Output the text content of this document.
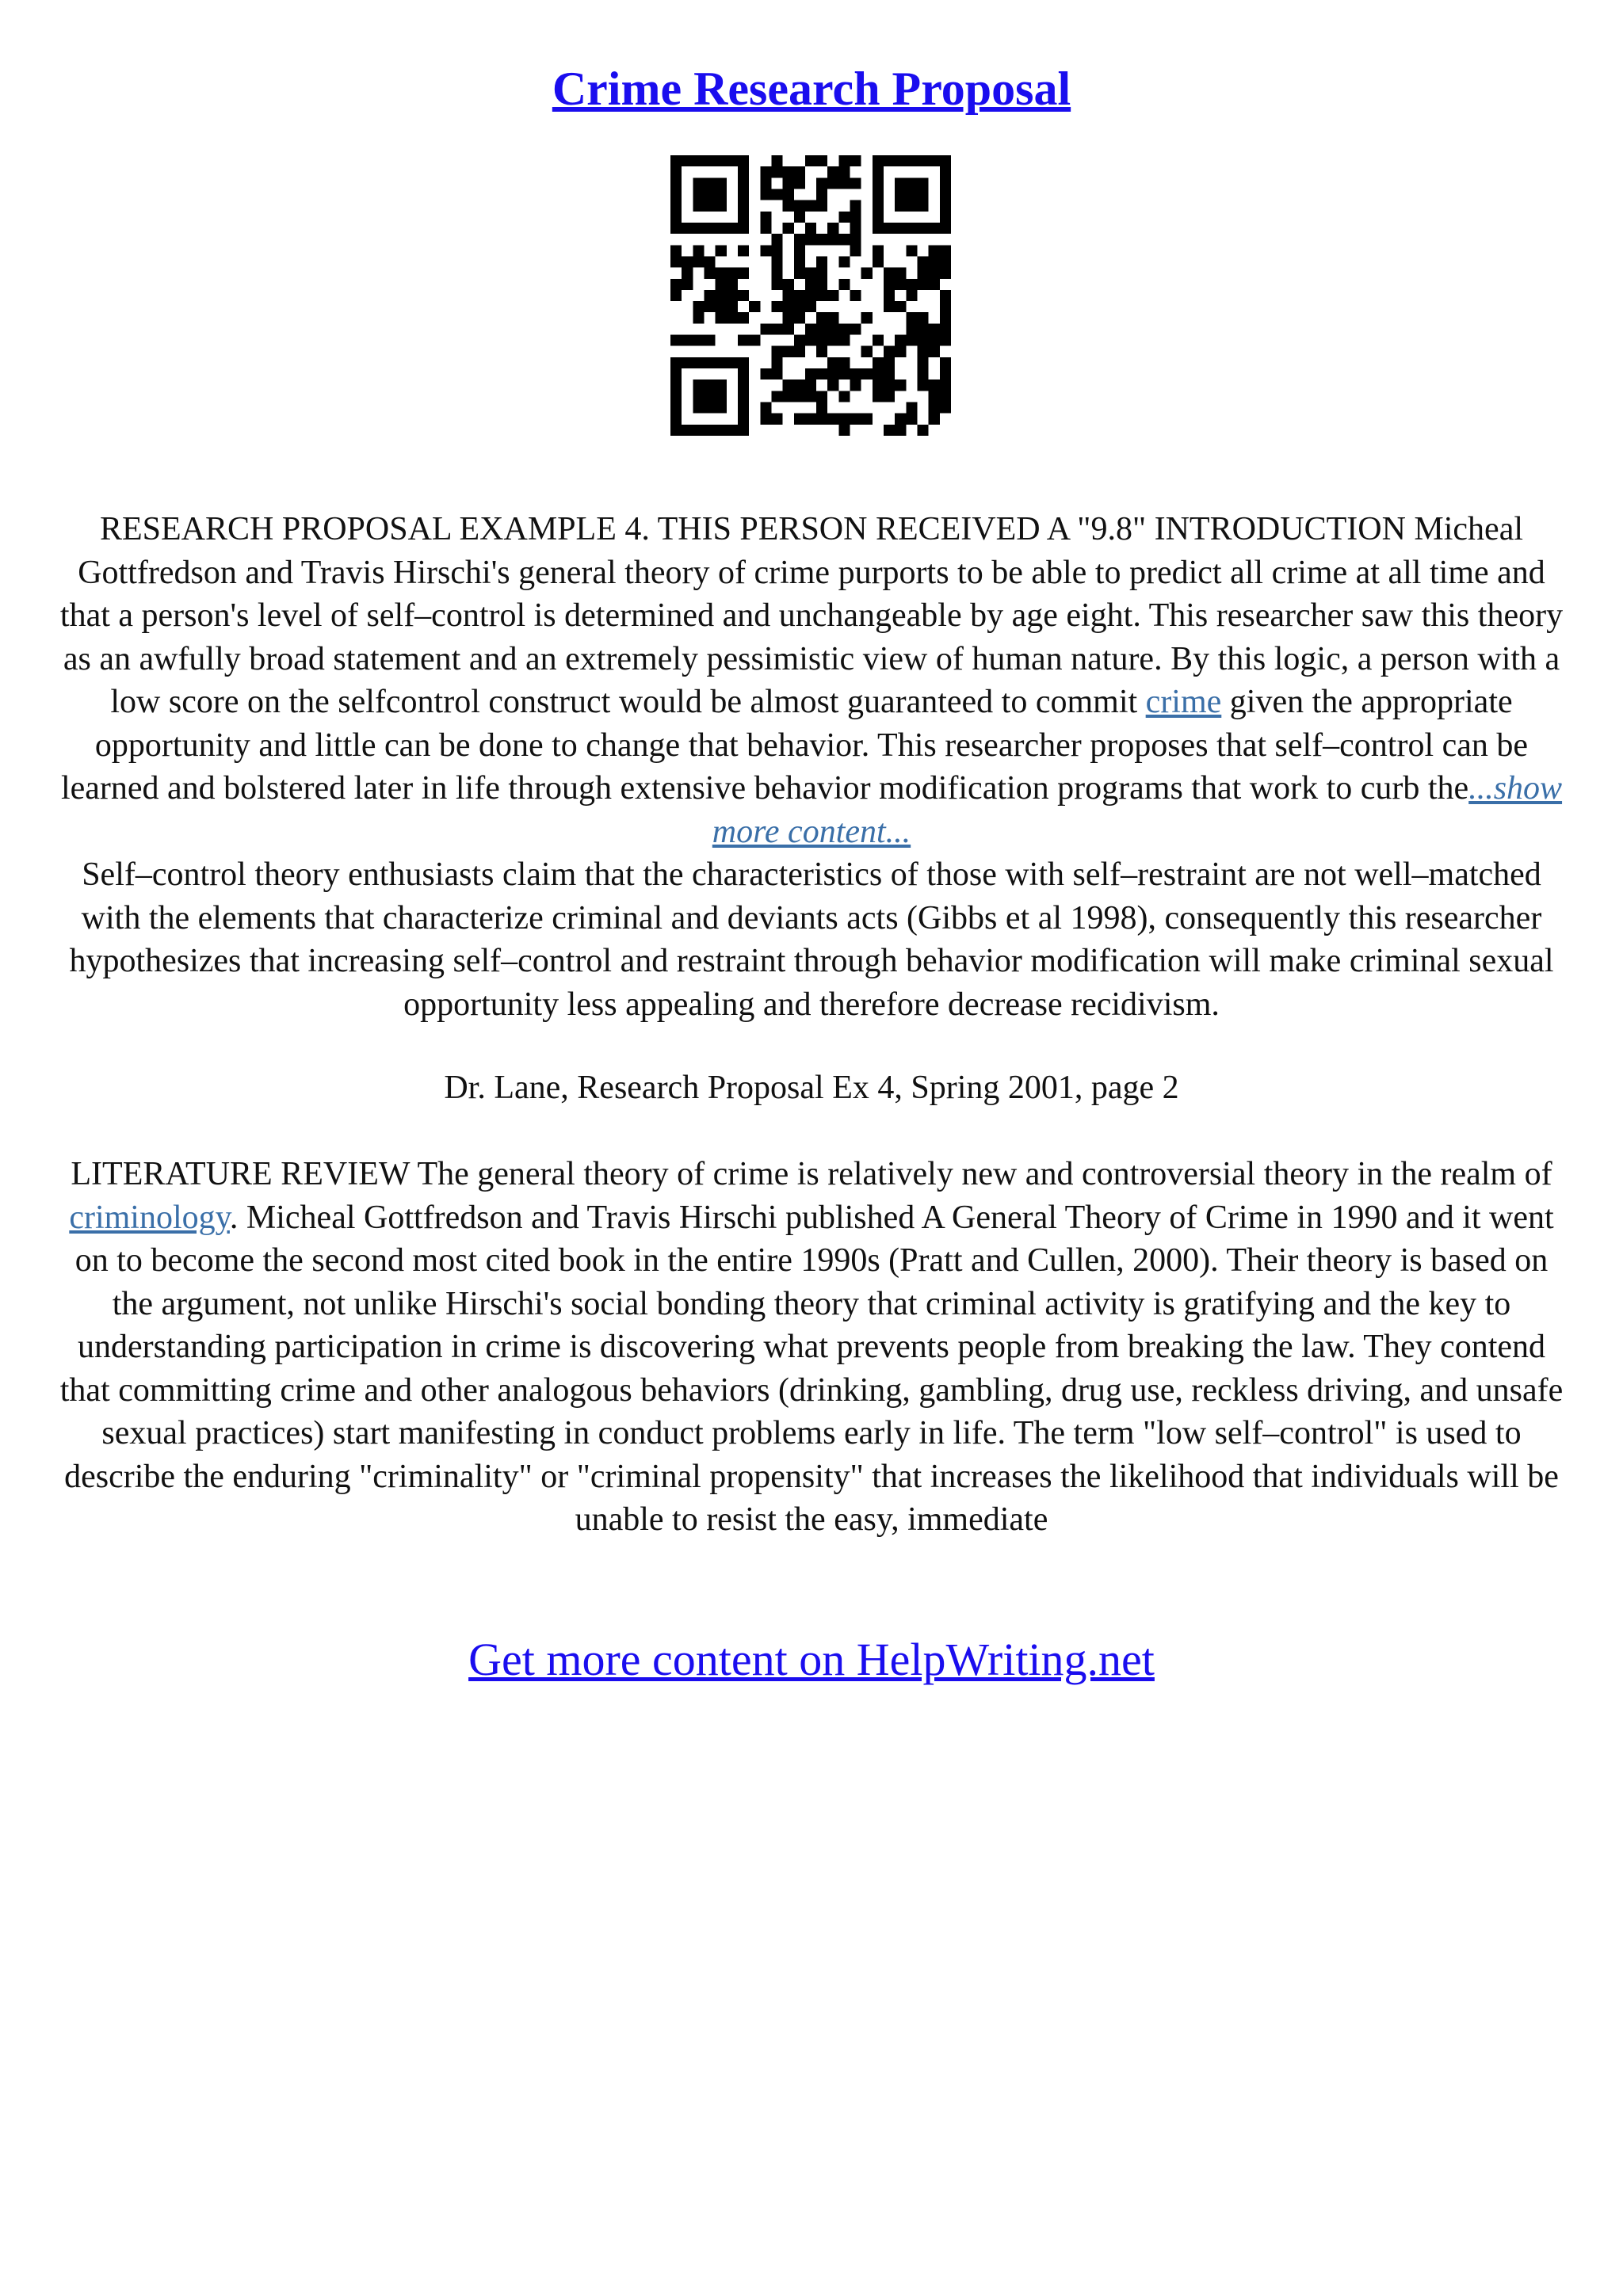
Crime Research Proposal
RESEARCH PROPOSAL EXAMPLE 4. THIS PERSON RECEIVED A "9.8" INTRODUCTION Micheal Gottfredson and Travis Hirschi's general theory of crime purports to be able to predict all crime at all time and that a person's level of self–control is determined and unchangeable by age eight. This researcher saw this theory as an awfully broad statement and an extremely pessimistic view of human nature. By this logic, a person with a low score on the selfcontrol construct would be almost guaranteed to commit crime given the appropriate opportunity and little can be done to change that behavior. This researcher proposes that self–control can be learned and bolstered later in life through extensive behavior modification programs that work to curb the...show more content...
Self–control theory enthusiasts claim that the characteristics of those with self–restraint are not well–matched with the elements that characterize criminal and deviants acts (Gibbs et al 1998), consequently this researcher hypothesizes that increasing self–control and restraint through behavior modification will make criminal sexual opportunity less appealing and therefore decrease recidivism.
Dr. Lane, Research Proposal Ex 4, Spring 2001, page 2
LITERATURE REVIEW The general theory of crime is relatively new and controversial theory in the realm of criminology. Micheal Gottfredson and Travis Hirschi published A General Theory of Crime in 1990 and it went on to become the second most cited book in the entire 1990s (Pratt and Cullen, 2000). Their theory is based on the argument, not unlike Hirschi's social bonding theory that criminal activity is gratifying and the key to understanding participation in crime is discovering what prevents people from breaking the law. They contend that committing crime and other analogous behaviors (drinking, gambling, drug use, reckless driving, and unsafe sexual practices) start manifesting in conduct problems early in life. The term "low self–control" is used to describe the enduring "criminality" or "criminal propensity" that increases the likelihood that individuals will be unable to resist the easy, immediate
Get more content on HelpWriting.net
